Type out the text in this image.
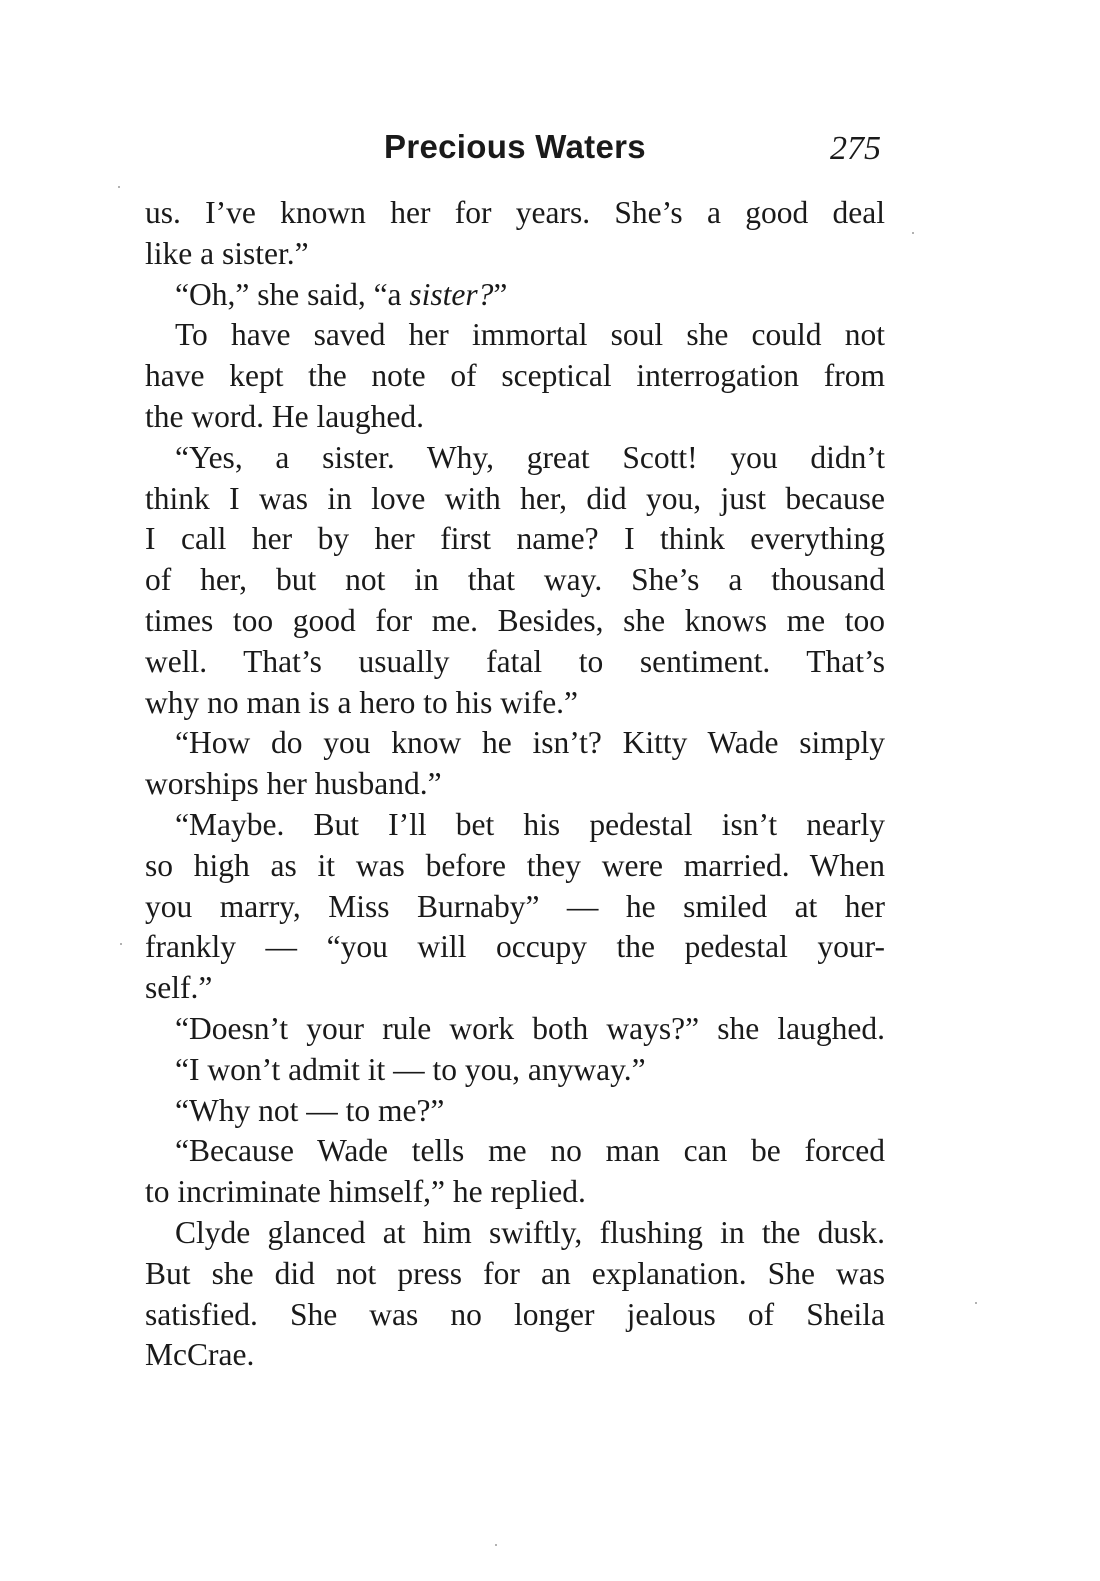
Precious Waters	275
us. I’ve known her for years. She’s a good deal
like a sister.”
“Oh,” she said, “a sister?”
To have saved her immortal soul she could not
have kept the note of sceptical interrogation from
the word. He laughed.
“Yes, a sister. Why, great Scott! you didn’t
think I was in love with her, did you, just because
I call her by her first name? I think everything
of her, but not in that way. She’s a thousand
times too good for me. Besides, she knows me too
well. That’s usually fatal to sentiment. That’s
why no man is a hero to his wife.”
“How do you know he isn’t? Kitty Wade simply
worships her husband.”
“Maybe. But I’ll bet his pedestal isn’t nearly
so high as it was before they were married. When
you marry, Miss Burnaby” — he smiled at her
frankly — “you will occupy the pedestal your-
self.”
“Doesn’t your rule work both ways?” she laughed.
“I won’t admit it — to you, anyway.”
“Why not — to me?”
“Because Wade tells me no man can be forced
to incriminate himself,” he replied.
Clyde glanced at him swiftly, flushing in the dusk.
But she did not press for an explanation. She was
satisfied. She was no longer jealous of Sheila
McCrae.
